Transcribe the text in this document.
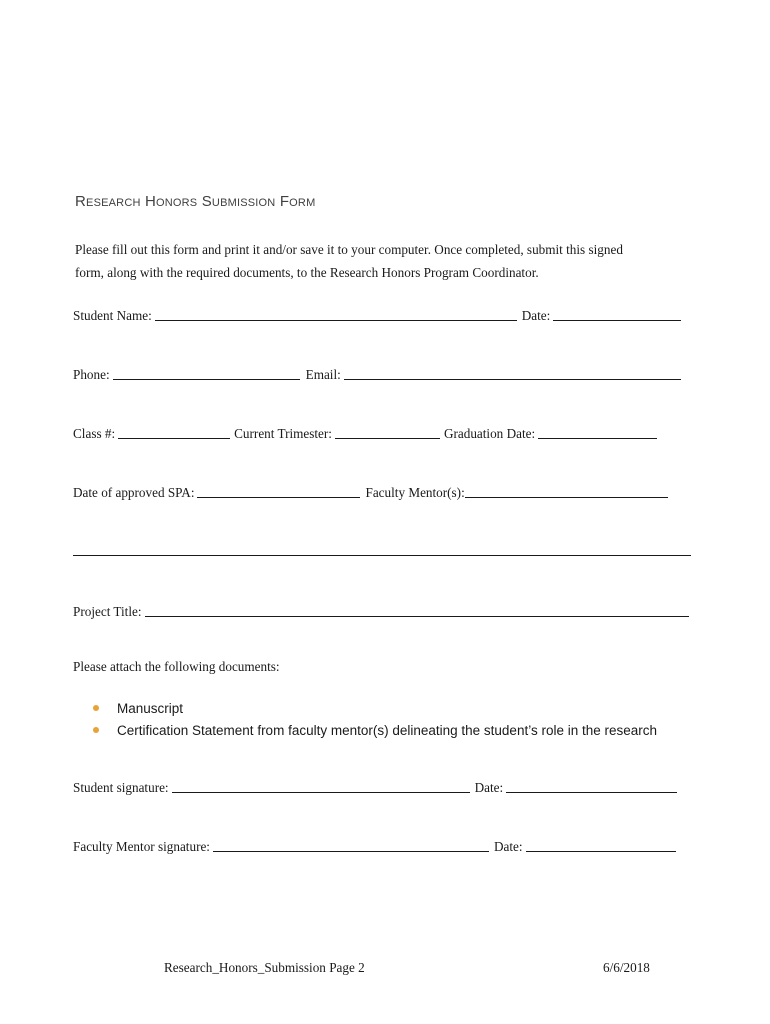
Research Honors Submission Form

Please fill out this form and print it and/or save it to your computer. Once completed, submit this signed

form, along with the required documents, to the Research Honors Program Coordinator.

Student Name:	Date:
Phone:	Email:
Class #:	Current Trimester:	Graduation Date:
Date of approved SPA:	Faculty Mentor(s):
Project Title:
Please attach the following documents:
Manuscript
Certification Statement from faculty mentor(s) delineating the student’s role in the research
Student signature:	Date:
Faculty Mentor signature:	Date:
Research_Honors_Submission Page 2	6/6/2018
